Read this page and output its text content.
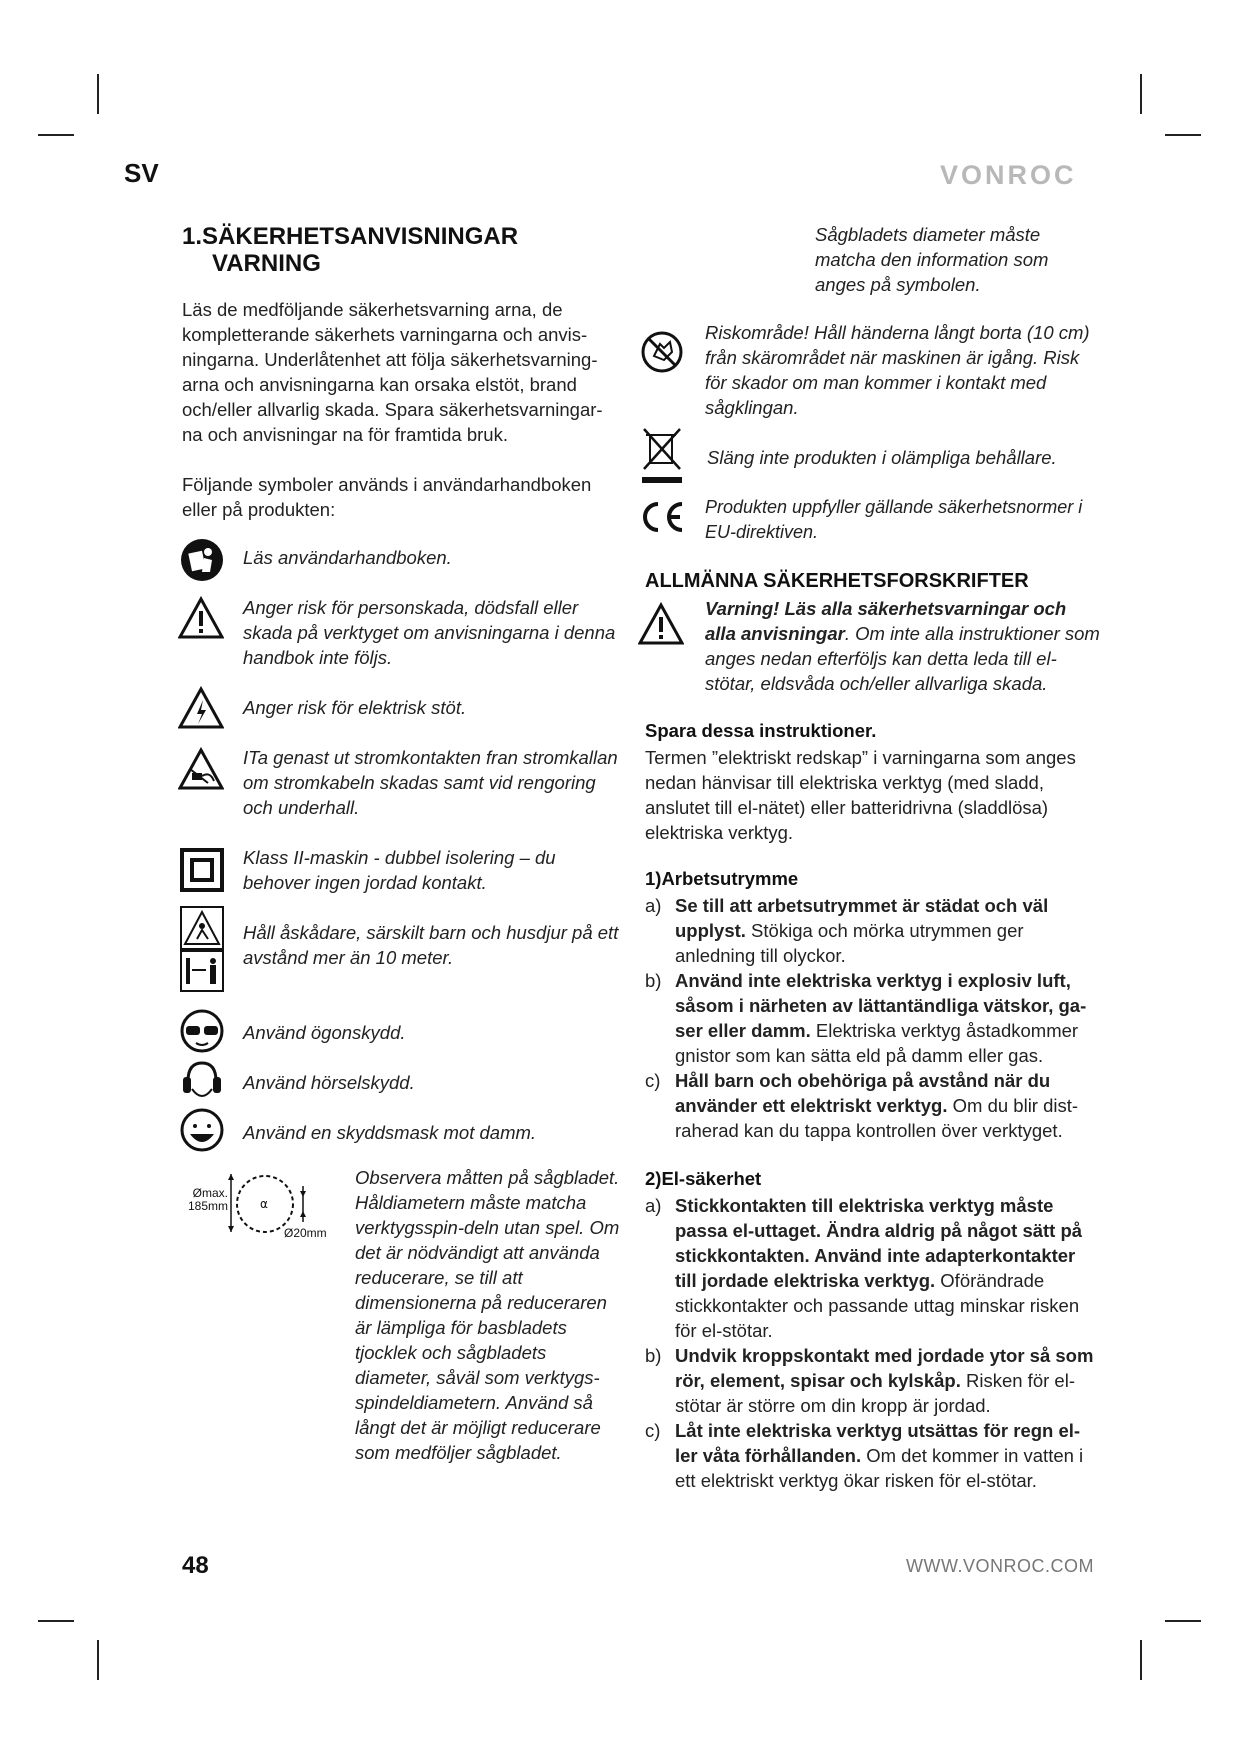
SV	VONROC
1.SÄKERHETSANVISNINGAR
VARNING
Läs de medföljande säkerhetsvarning arna, de kompletterande säkerhets varningarna och anvis-ningarna. Underlåtenhet att följa säkerhetsvarning-arna och anvisningarna kan orsaka elstöt, brand och/eller allvarlig skada. Spara säkerhetsvarningar-na och anvisningar na för framtida bruk.
Följande symboler används i användarhandboken eller på produkten:
Läs användarhandboken.
Anger risk för personskada, dödsfall eller skada på verktyget om anvisningarna i denna handbok inte följs.
Anger risk för elektrisk stöt.
ITa genast ut stromkontakten fran stromkallan om stromkabeln skadas samt vid rengoring och underhall.
Klass II-maskin - dubbel isolering – du behover ingen jordad kontakt.
Håll åskådare, särskilt barn och husdjur på ett avstånd mer än 10 meter.
Använd ögonskydd.
Använd hörselskydd.
Använd en skyddsmask mot damm.
α
Ømax.
185mm
Ø20mm
Observera måtten på sågbladet. Håldiametern måste matcha verktygsspin-deln utan spel. Om det är nödvändigt att använda reducerare, se till att dimensionerna på reduceraren är lämpliga för basbladets tjocklek och sågbladets diameter, såväl som verktygs-spindeldiametern. Använd så långt det är möjligt reducerare som medföljer sågbladet.
Sågbladets diameter måste matcha den information som anges på symbolen.
Riskområde! Håll händerna långt borta (10 cm) från skärområdet när maskinen är igång. Risk för skador om man kommer i kontakt med sågklingan.
Släng inte produkten i olämpliga behållare.
Produkten uppfyller gällande säkerhetsnormer i EU-direktiven.
ALLMÄNNA SÄKERHETSFORSKRIFTER
Varning! Läs alla säkerhetsvarningar och alla anvisningar. Om inte alla instruktioner som anges nedan efterföljs kan detta leda till el-stötar, eldsvåda och/eller allvarliga skada.
Spara dessa instruktioner.
Termen ”elektriskt redskap” i varningarna som anges nedan hänvisar till elektriska verktyg (med sladd, anslutet till el-nätet) eller batteridrivna (sladdlösa) elektriska verktyg.
1)Arbetsutrymme
a) Se till att arbetsutrymmet är städat och väl upplyst. Stökiga och mörka utrymmen ger anledning till olyckor.
b) Använd inte elektriska verktyg i explosiv luft, såsom i närheten av lättantändliga vätskor, ga-ser eller damm. Elektriska verktyg åstadkommer gnistor som kan sätta eld på damm eller gas.
c) Håll barn och obehöriga på avstånd när du använder ett elektriskt verktyg. Om du blir dist-raherad kan du tappa kontrollen över verktyget.
2)El-säkerhet
a) Stickkontakten till elektriska verktyg måste passa el-uttaget. Ändra aldrig på något sätt på stickkontakten. Använd inte adapterkontakter till jordade elektriska verktyg. Oförändrade stickkontakter och passande uttag minskar risken för el-stötar.
b) Undvik kroppskontakt med jordade ytor så som rör, element, spisar och kylskåp. Risken för el-stötar är större om din kropp är jordad.
c) Låt inte elektriska verktyg utsättas för regn el-ler våta förhållanden. Om det kommer in vatten i ett elektriskt verktyg ökar risken för el-stötar.
48	WWW.VONROC.COM
